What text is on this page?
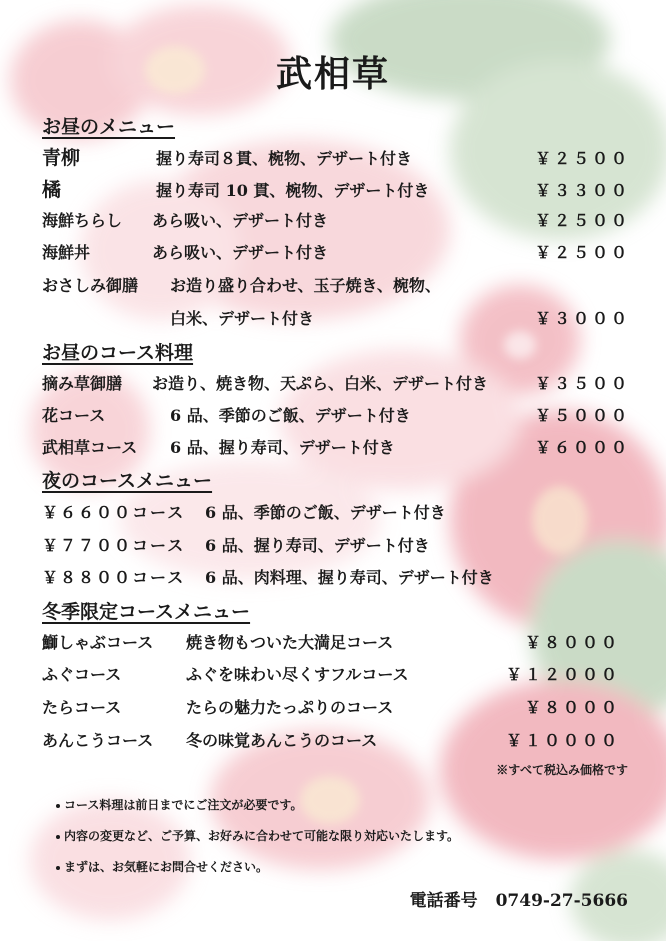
武相草
お昼のメニュー
青柳	握り寿司８貫、椀物、デザート付き	￥２５００
橘	握り寿司 10 貫、椀物、デザート付き	￥３３００
海鮮ちらし あら吸い、デザート付き	￥２５００
海鮮丼	あら吸い、デザート付き	￥２５００
おさしみ御膳 お造り盛り合わせ、玉子焼き、椀物、
白米、デザート付き	￥３０００
お昼のコース料理
摘み草御膳 お造り、焼き物、天ぷら、白米、デザート付き	￥３５００
花コース	6 品、季節のご飯、デザート付き	￥５０００
武相草コース 6 品、握り寿司、デザート付き	￥６０００
夜のコースメニュー
￥６６００コース 6 品、季節のご飯、デザート付き
￥７７００コース 6 品、握り寿司、デザート付き
￥８８００コース 6 品、肉料理、握り寿司、デザート付き
冬季限定コースメニュー
鰤しゃぶコース 焼き物もついた大満足コース	￥８０００
ふぐコース	ふぐを味わい尽くすフルコース	￥１２０００
たらコース	たらの魅力たっぷりのコース	￥８０００
あんこうコース 冬の味覚あんこうのコース	￥１００００
※すべて税込み価格です
コース料理は前日までにご注文が必要です。
内容の変更など、ご予算、お好みに合わせて可能な限り対応いたします。
まずは、お気軽にお問合せください。
電話番号 0749-27-5666
